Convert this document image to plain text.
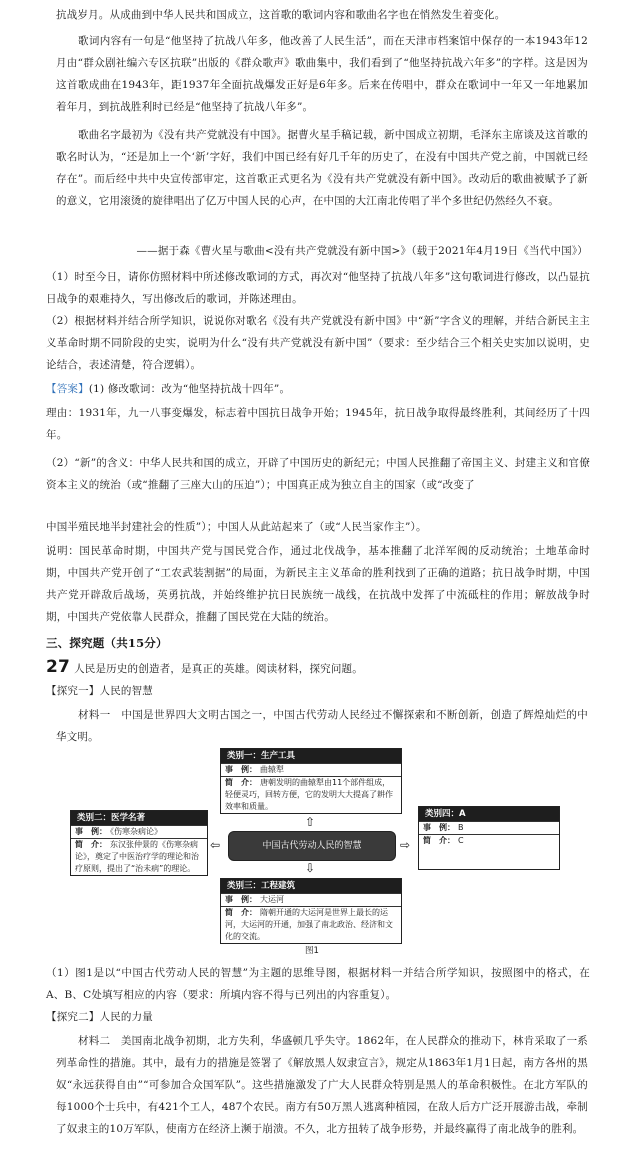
抗战岁月。从成曲到中华人民共和国成立，这首歌的歌词内容和歌曲名字也在悄然发生着变化。

歌词内容有一句是“他坚持了抗战八年多，他改善了人民生活”，而在天津市档案馆中保存的一本1943年12月由“群众剧社编六专区抗联”出版的《群众歌声》歌曲集中，我们看到了“他坚持抗战六年多”的字样。这是因为这首歌成曲在1943年，距1937年全面抗战爆发正好是6年多。后来在传唱中，群众在歌词中一年又一年地累加着年月，到抗战胜利时已经是“他坚持了抗战八年多”。

歌曲名字最初为《没有共产党就没有中国》。据曹火星手稿记载，新中国成立初期，毛泽东主席谈及这首歌的歌名时认为，“还是加上一个‘新’字好，我们中国已经有好几千年的历史了，在没有中国共产党之前，中国就已经存在”。而后经中共中央宣传部审定，这首歌正式更名为《没有共产党就没有新中国》。改动后的歌曲被赋予了新的意义，它用滚烫的旋律唱出了亿万中国人民的心声，在中国的大江南北传唱了半个多世纪仍然经久不衰。

——据于森《曹火星与歌曲<没有共产党就没有新中国>》（载于2021年4月19日《当代中国》）

（1）时至今日，请你仿照材料中所述修改歌词的方式，再次对“他坚持了抗战八年多”这句歌词进行修改，以凸显抗日战争的艰难持久，写出修改后的歌词，并陈述理由。

（2）根据材料并结合所学知识，说说你对歌名《没有共产党就没有新中国》中“新”字含义的理解，并结合新民主主义革命时期不同阶段的史实，说明为什么“没有共产党就没有新中国”（要求：至少结合三个相关史实加以说明，史论结合，表述清楚，符合逻辑）。

【答案】(1) 修改歌词：改为“他坚持抗战十四年”。

理由：1931年，九一八事变爆发，标志着中国抗日战争开始；1945年，抗日战争取得最终胜利，其间经历了十四年。

（2）“新”的含义：中华人民共和国的成立，开辟了中国历史的新纪元；中国人民推翻了帝国主义、封建主义和官僚资本主义的统治（或“推翻了三座大山的压迫”）；中国真正成为独立自主的国家（或“改变了

中国半殖民地半封建社会的性质”）；中国人从此站起来了（或“人民当家作主”）。

说明：国民革命时期，中国共产党与国民党合作，通过北伐战争，基本推翻了北洋军阀的反动统治；土地革命时期，中国共产党开创了“工农武装割据”的局面，为新民主主义革命的胜利找到了正确的道路；抗日战争时期，中国共产党开辟敌后战场，英勇抗战，并始终维护抗日民族统一战线，在抗战中发挥了中流砥柱的作用；解放战争时期，中国共产党依靠人民群众，推翻了国民党在大陆的统治。

三、探究题（共15分）

27 人民是历史的创造者，是真正的英雄。阅读材料，探究问题。

【探究一】人民的智慧

材料一　中国是世界四大文明古国之一，中国古代劳动人民经过不懈探索和不断创新，创造了辉煌灿烂的中华文明。

类别一：生产工具
事　例： 曲辕犁
简　介： 唐朝发明的曲辕犁由11个部件组成，轻便灵巧，回转方便，它的发明大大提高了耕作效率和质量。
类别二：医学名著
事　例： 《伤寒杂病论》
简　介： 东汉张仲景的《伤寒杂病论》，奠定了中医治疗学的理论和治疗原则，提出了“治未病”的理论。
中国古代劳动人民的智慧
⇧
⇩
⇦	⇨
类别四：A
事　例： B
简　介： C
类别三：工程建筑
事　例： 大运河
简　介： 隋朝开通的大运河是世界上最长的运河，大运河的开通，加强了南北政治、经济和文化的交流。
图1

（1）图1是以“中国古代劳动人民的智慧”为主题的思维导图，根据材料一并结合所学知识，按照图中的格式，在A、B、C处填写相应的内容（要求：所填内容不得与已列出的内容重复）。

【探究二】人民的力量

材料二　美国南北战争初期，北方失利，华盛顿几乎失守。1862年，在人民群众的推动下，林肯采取了一系列革命性的措施。其中，最有力的措施是签署了《解放黑人奴隶宣言》，规定从1863年1月1日起，南方各州的黑奴“永远获得自由”“可参加合众国军队”。这些措施激发了广大人民群众特别是黑人的革命积极性。在北方军队的每1000个士兵中，有421个工人，487个农民。南方有50万黑人逃离种植园，在敌人后方广泛开展游击战，牵制了奴隶主的10万军队，使南方在经济上濒于崩溃。不久，北方扭转了战争形势，并最终赢得了南北战争的胜利。
